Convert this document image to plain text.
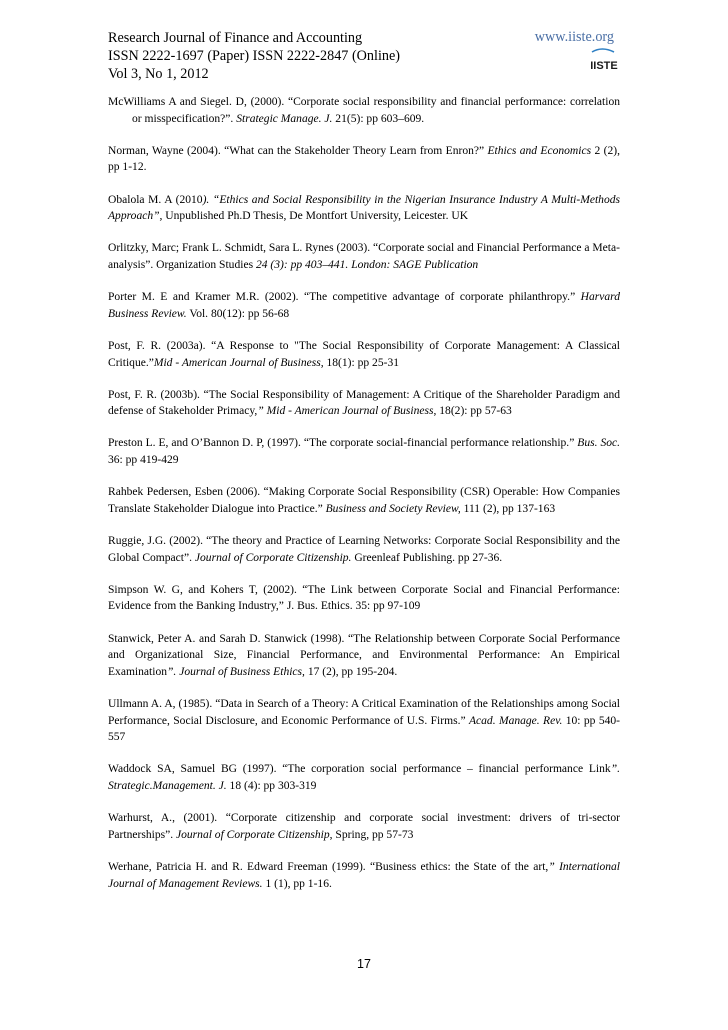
Research Journal of Finance and Accounting
ISSN 2222-1697 (Paper) ISSN 2222-2847 (Online)
Vol 3, No 1, 2012
www.iiste.org
IISTE

McWilliams A and Siegel. D, (2000). “Corporate social responsibility and financial performance: correlation or misspecification?”. Strategic Manage. J. 21(5): pp 603–609.

Norman, Wayne (2004). “What can the Stakeholder Theory Learn from Enron?” Ethics and Economics 2 (2), pp 1-12.

Obalola M. A (2010). “Ethics and Social Responsibility in the Nigerian Insurance Industry A Multi-Methods Approach”, Unpublished Ph.D Thesis, De Montfort University, Leicester. UK

Orlitzky, Marc; Frank L. Schmidt, Sara L. Rynes (2003). “Corporate social and Financial Performance a Meta-analysis”. Organization Studies 24 (3): pp 403–441. London: SAGE Publication

Porter M. E and Kramer M.R. (2002). “The competitive advantage of corporate philanthropy.” Harvard Business Review. Vol. 80(12): pp 56-68

Post, F. R. (2003a). “A Response to "The Social Responsibility of Corporate Management: A Classical Critique.”Mid - American Journal of Business, 18(1): pp 25-31

Post, F. R. (2003b). “The Social Responsibility of Management: A Critique of the Shareholder Paradigm and defense of Stakeholder Primacy,” Mid - American Journal of Business, 18(2): pp 57-63

Preston L. E, and O’Bannon D. P, (1997). “The corporate social-financial performance relationship.” Bus. Soc. 36: pp 419-429

Rahbek Pedersen, Esben (2006). “Making Corporate Social Responsibility (CSR) Operable: How Companies Translate Stakeholder Dialogue into Practice.” Business and Society Review, 111 (2), pp 137-163

Ruggie, J.G. (2002). “The theory and Practice of Learning Networks: Corporate Social Responsibility and the Global Compact”. Journal of Corporate Citizenship. Greenleaf Publishing. pp 27-36.

Simpson W. G, and Kohers T, (2002). “The Link between Corporate Social and Financial Performance: Evidence from the Banking Industry,” J. Bus. Ethics. 35: pp 97-109

Stanwick, Peter A. and Sarah D. Stanwick (1998). “The Relationship between Corporate Social Performance and Organizational Size, Financial Performance, and Environmental Performance: An Empirical Examination”. Journal of Business Ethics, 17 (2), pp 195-204.

Ullmann A. A, (1985). “Data in Search of a Theory: A Critical Examination of the Relationships among Social Performance, Social Disclosure, and Economic Performance of U.S. Firms.” Acad. Manage. Rev. 10: pp 540-557

Waddock SA, Samuel BG (1997). “The corporation social performance – financial performance Link”. Strategic.Management. J. 18 (4): pp 303-319

Warhurst, A., (2001). “Corporate citizenship and corporate social investment: drivers of tri-sector Partnerships”. Journal of Corporate Citizenship, Spring, pp 57-73

Werhane, Patricia H. and R. Edward Freeman (1999). “Business ethics: the State of the art,” International Journal of Management Reviews. 1 (1), pp 1-16.

17
